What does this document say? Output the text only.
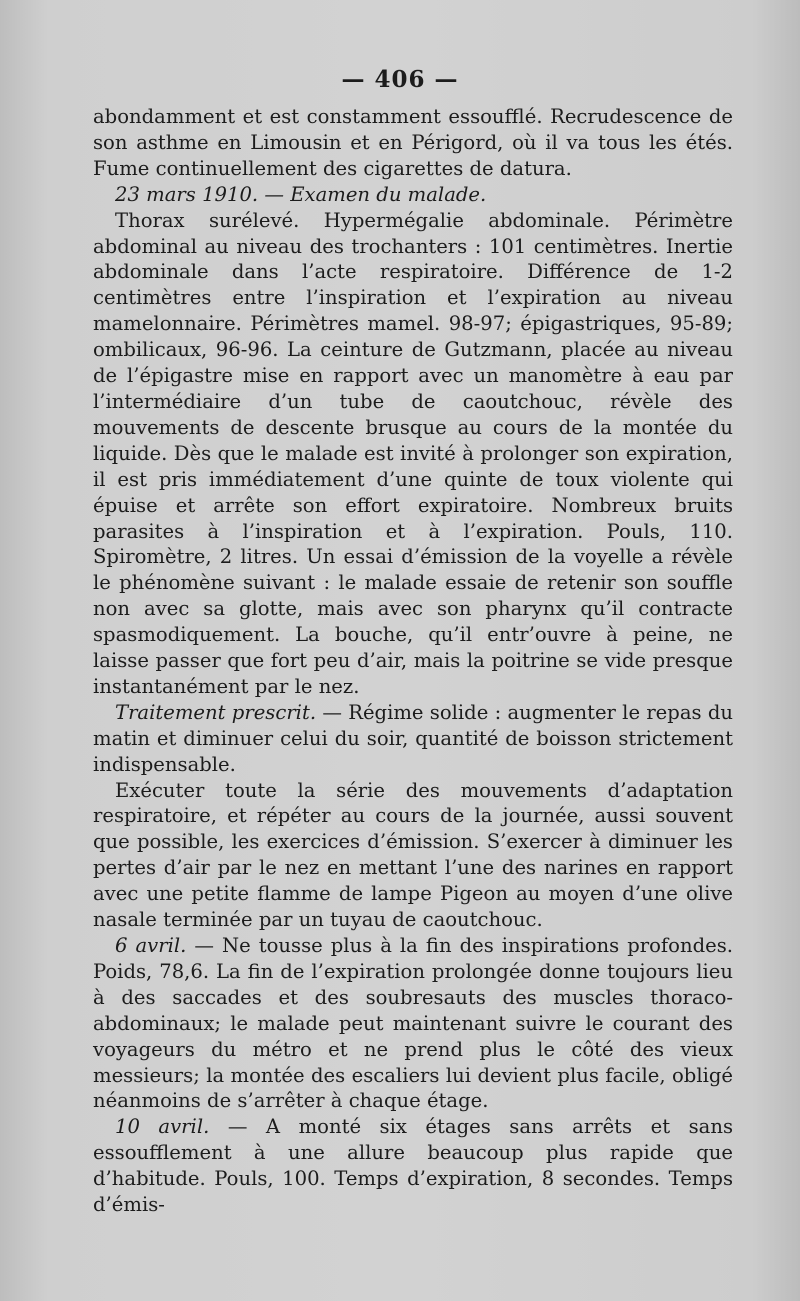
— 406 —

abondamment et est constamment essoufflé. Recrudescence de son asthme en Limousin et en Périgord, où il va tous les étés. Fume continuellement des cigarettes de datura.

23 mars 1910. — Examen du malade.

Thorax surélevé. Hypermégalie abdominale. Périmètre abdominal au niveau des trochanters : 101 centimètres. Inertie abdominale dans l’acte respiratoire. Différence de 1-2 centimètres entre l’inspiration et l’expiration au niveau mamelonnaire. Périmètres mamel. 98-97; épigastriques, 95-89; ombilicaux, 96-96. La ceinture de Gutzmann, placée au niveau de l’épigastre mise en rapport avec un manomètre à eau par l’intermédiaire d’un tube de caoutchouc, révèle des mouvements de descente brusque au cours de la montée du liquide. Dès que le malade est invité à prolonger son expiration, il est pris immédiatement d’une quinte de toux violente qui épuise et arrête son effort expiratoire. Nombreux bruits parasites à l’inspiration et à l’expiration. Pouls, 110. Spiromètre, 2 litres. Un essai d’émission de la voyelle a révèle le phénomène suivant : le malade essaie de retenir son souffle non avec sa glotte, mais avec son pharynx qu’il contracte spasmodiquement. La bouche, qu’il entr’ouvre à peine, ne laisse passer que fort peu d’air, mais la poitrine se vide presque instantanément par le nez.

Traitement prescrit. — Régime solide : augmenter le repas du matin et diminuer celui du soir, quantité de boisson strictement indispensable.

Exécuter toute la série des mouvements d’adaptation respiratoire, et répéter au cours de la journée, aussi souvent que possible, les exercices d’émission. S’exercer à diminuer les pertes d’air par le nez en mettant l’une des narines en rapport avec une petite flamme de lampe Pigeon au moyen d’une olive nasale terminée par un tuyau de caoutchouc.

6 avril. — Ne tousse plus à la fin des inspirations profondes. Poids, 78,6. La fin de l’expiration prolongée donne toujours lieu à des saccades et des soubresauts des muscles thoraco-abdominaux; le malade peut maintenant suivre le courant des voyageurs du métro et ne prend plus le côté des vieux messieurs; la montée des escaliers lui devient plus facile, obligé néanmoins de s’arrêter à chaque étage.

10 avril. — A monté six étages sans arrêts et sans essoufflement à une allure beaucoup plus rapide que d’habitude. Pouls, 100. Temps d’expiration, 8 secondes. Temps d’émis-
